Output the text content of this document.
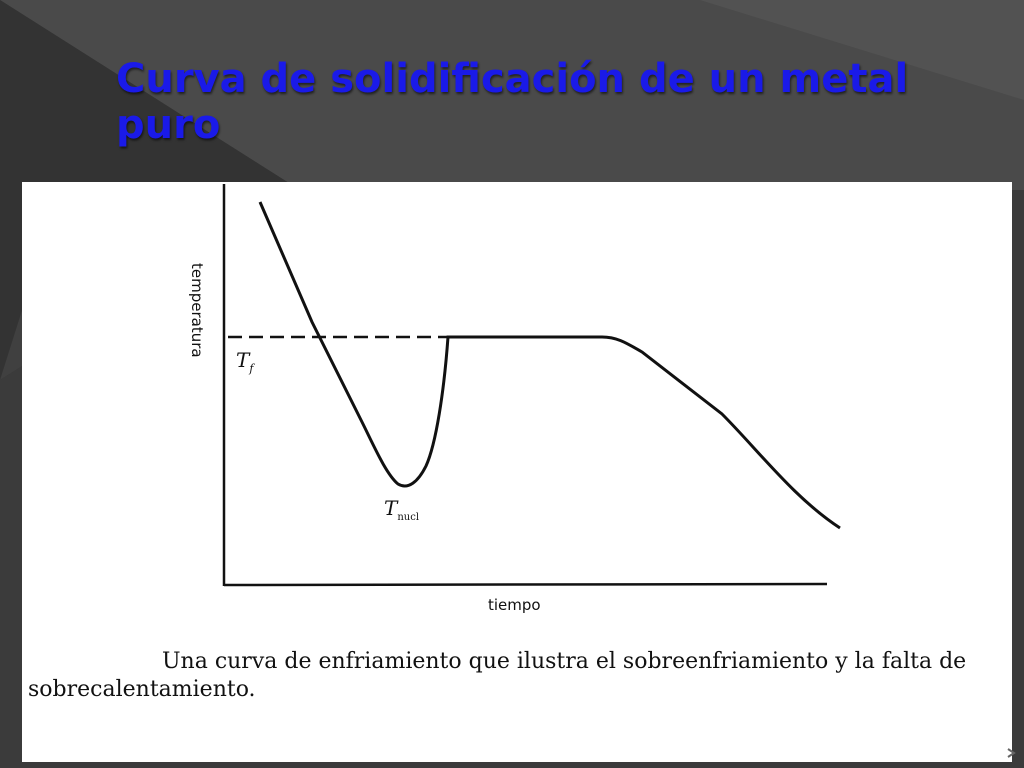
Curva de solidificación de un metal puro
temperatura
tiempo
$T_f$
$T_{nucl}$

Una curva de enfriamiento que ilustra el sobreenfriamiento y la falta de sobrecalentamiento.
